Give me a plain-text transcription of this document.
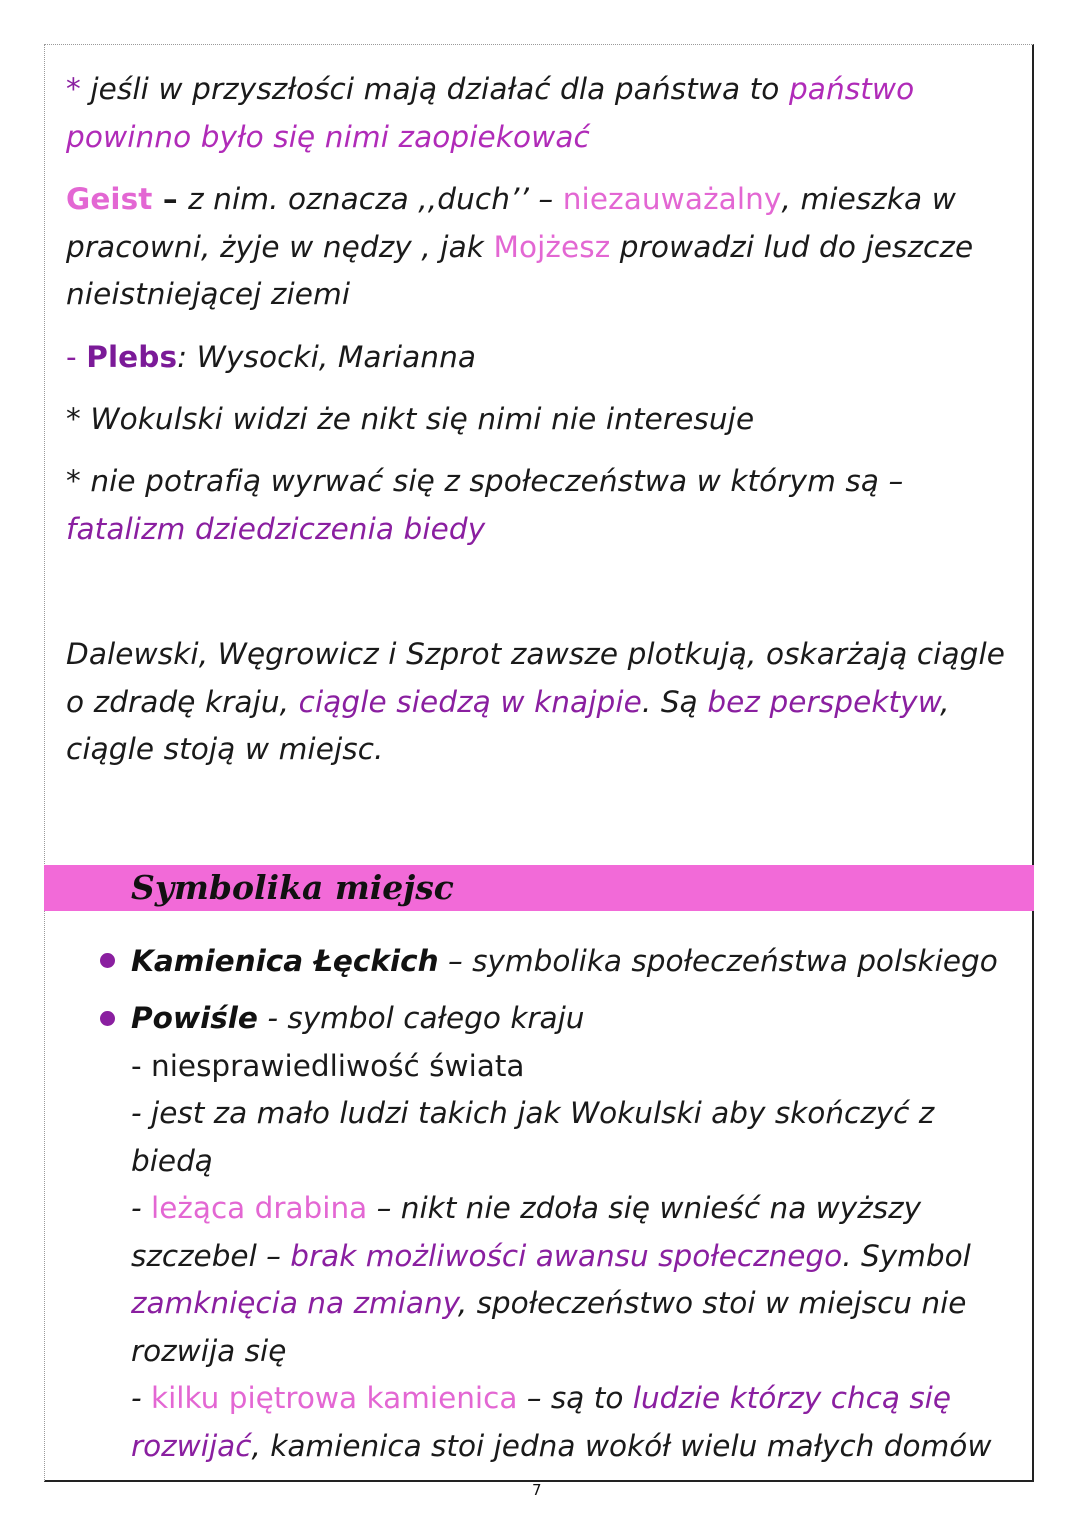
* jeśli w przyszłości mają działać dla państwa to państwo
powinno było się nimi zaopiekować
Geist – z nim. oznacza ,,duch’’ – niezauważalny, mieszka w pracowni, żyje w nędzy , jak Mojżesz prowadzi lud do jeszcze nieistniejącej ziemi
- Plebs: Wysocki, Marianna
* Wokulski widzi że nikt się nimi nie interesuje
* nie potrafią wyrwać się z społeczeństwa w którym są – fatalizm dziedziczenia biedy
Dalewski, Węgrowicz i Szprot zawsze plotkują, oskarżają ciągle o zdradę kraju, ciągle siedzą w knajpie. Są bez perspektyw, ciągle stoją w miejsc.
Symbolika miejsc
Kamienica Łęckich – symbolika społeczeństwa polskiego
Powiśle - symbol całego kraju
- niesprawiedliwość świata
- jest za mało ludzi takich jak Wokulski aby skończyć z biedą
- leżąca drabina – nikt nie zdoła się wnieść na wyższy szczebel – brak możliwości awansu społecznego. Symbol zamknięcia na zmiany, społeczeństwo stoi w miejscu nie rozwija się
- kilku piętrowa kamienica – są to ludzie którzy chcą się rozwijać, kamienica stoi jedna wokół wielu małych domów
7
